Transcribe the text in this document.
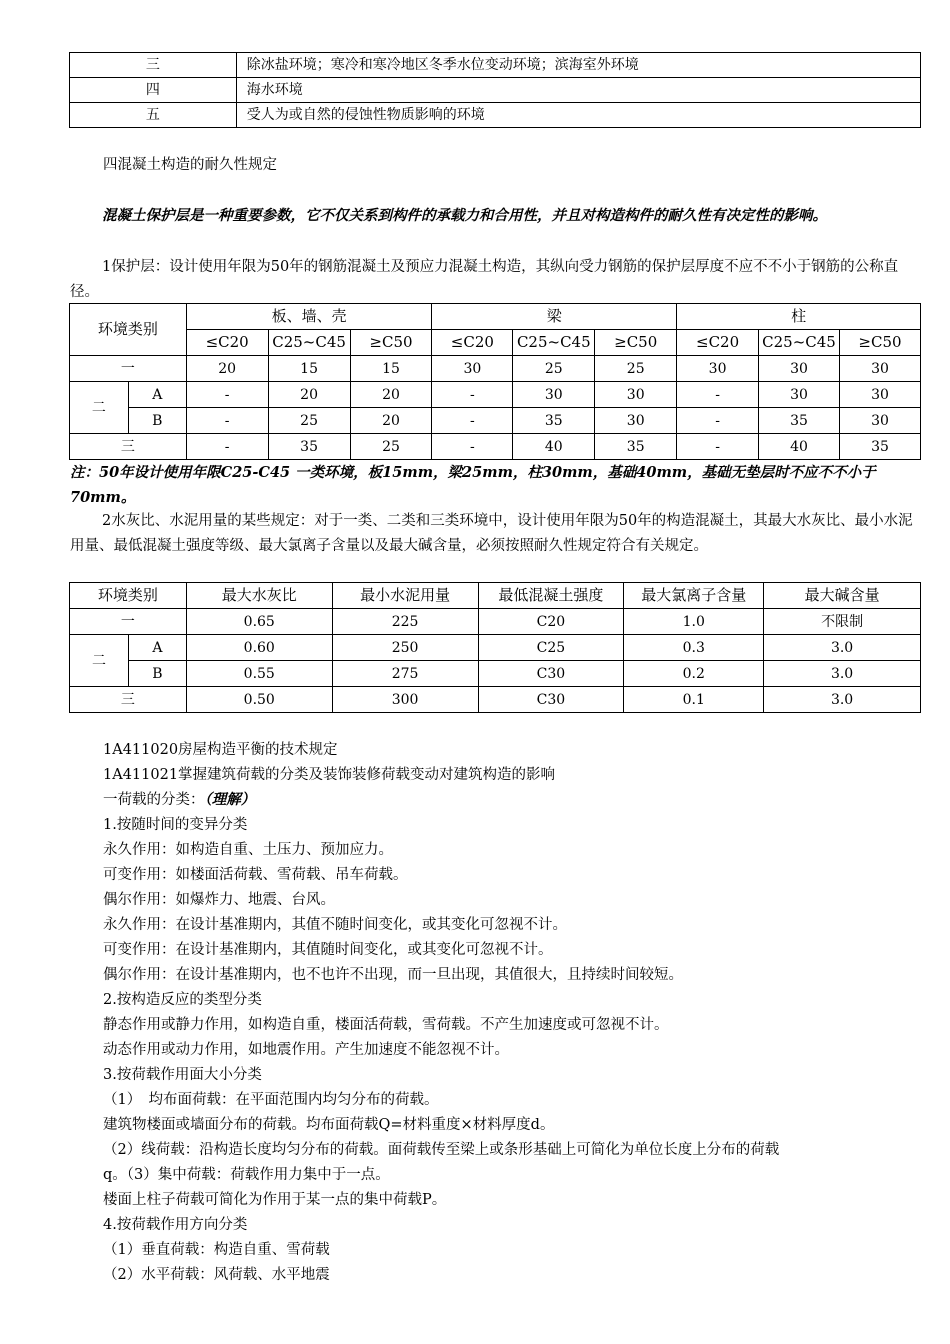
三	除冰盐环境；寒冷和寒冷地区冬季水位变动环境；滨海室外环境
四	海水环境
五	受人为或自然的侵蚀性物质影响的环境
四混凝土构造的耐久性规定
混凝土保护层是一种重要参数，它不仅关系到构件的承载力和合用性，并且对构造构件的耐久性有决定性的影响。
1保护层：设计使用年限为50年的钢筋混凝土及预应力混凝土构造，其纵向受力钢筋的保护层厚度不应不不小于钢筋的公称直径。
环境类别		板、墙、壳			梁			柱		
		≤C20	C25~C45	≥C50	≤C20	C25~C45	≥C50	≤C20	C25~C45	≥C50
一		20	15	15	30	25	25	30	30	30
二	A	-	20	20	-	30	30	-	30	30
	B	-	25	20	-	35	30	-	35	30
三		-	35	25	-	40	35	-	40	35
注：50年设计使用年限C25-C45 一类环境，板15mm，梁25mm，柱30mm，基础40mm，基础无垫层时不应不不小于70mm。
2水灰比、水泥用量的某些规定：对于一类、二类和三类环境中，设计使用年限为50年的构造混凝土，其最大水灰比、最小水泥用量、最低混凝土强度等级、最大氯离子含量以及最大碱含量，必须按照耐久性规定符合有关规定。
环境类别		最大水灰比	最小水泥用量	最低混凝土强度	最大氯离子含量	最大碱含量
一		0.65	225	C20	1.0	不限制
二	A	0.60	250	C25	0.3	3.0
	B	0.55	275	C30	0.2	3.0
三		0.50	300	C30	0.1	3.0
1A411020房屋构造平衡的技术规定
1A411021掌握建筑荷载的分类及装饰装修荷载变动对建筑构造的影响
一荷载的分类：（理解）
1.按随时间的变异分类
永久作用：如构造自重、土压力、预加应力。
可变作用：如楼面活荷载、雪荷载、吊车荷载。
偶尔作用：如爆炸力、地震、台风。
永久作用：在设计基准期内，其值不随时间变化，或其变化可忽视不计。
可变作用：在设计基准期内，其值随时间变化，或其变化可忽视不计。
偶尔作用：在设计基准期内，也不也许不出现，而一旦出现，其值很大，且持续时间较短。
2.按构造反应的类型分类
静态作用或静力作用，如构造自重，楼面活荷载，雪荷载。不产生加速度或可忽视不计。
动态作用或动力作用，如地震作用。产生加速度不能忽视不计。
3.按荷载作用面大小分类
（1）　均布面荷载：在平面范围内均匀分布的荷载。
建筑物楼面或墙面分布的荷载。均布面荷载Q=材料重度×材料厚度d。
（2）线荷载：沿构造长度均匀分布的荷载。面荷载传至梁上或条形基础上可简化为单位长度上分布的荷载
q。（3）集中荷载：荷载作用力集中于一点。
楼面上柱子荷载可简化为作用于某一点的集中荷载P。
4.按荷载作用方向分类
（1）垂直荷载：构造自重、雪荷载
（2）水平荷载：风荷载、水平地震
